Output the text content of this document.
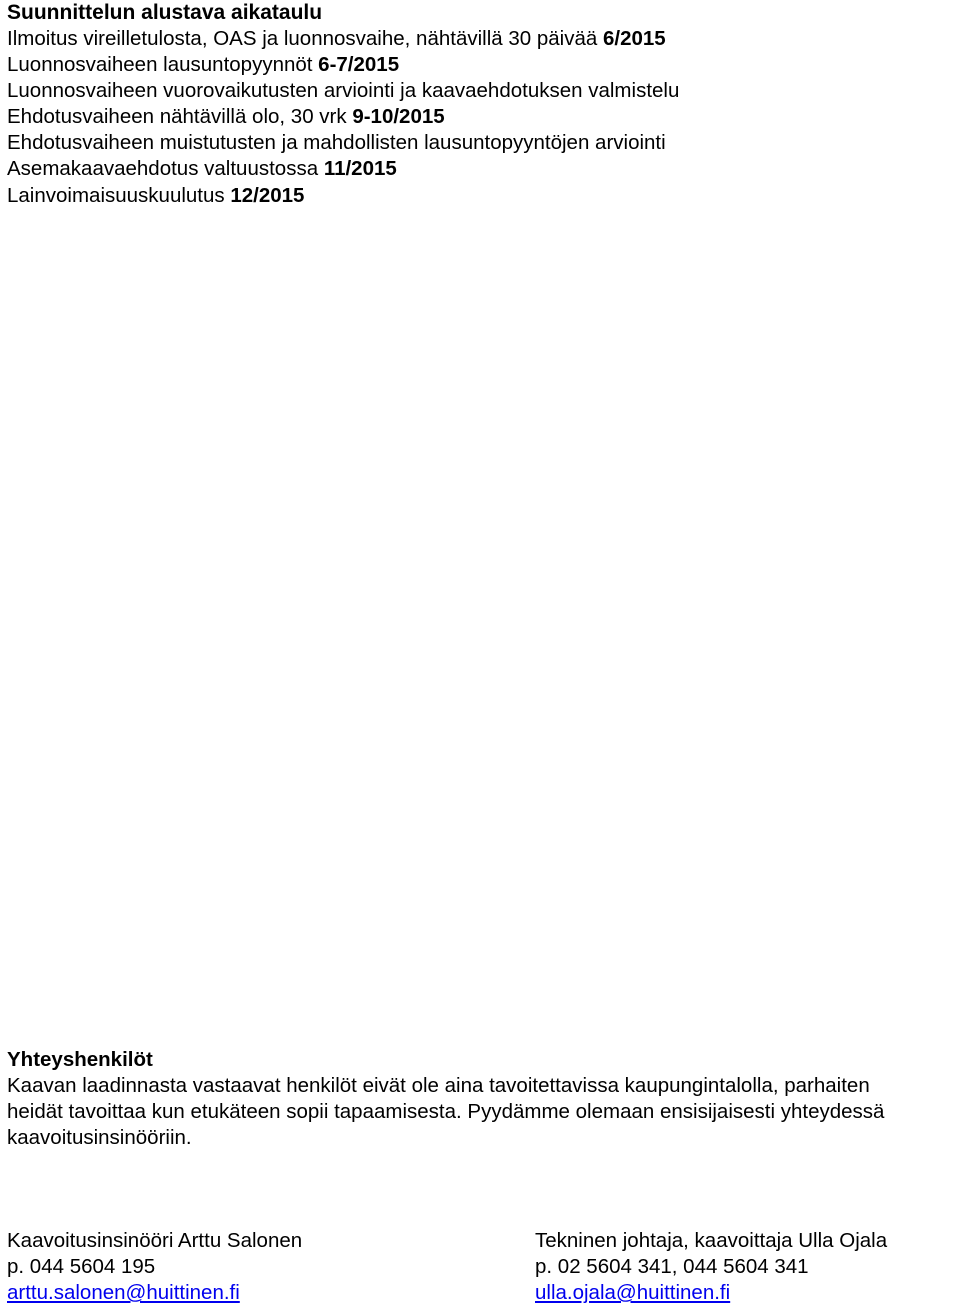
Suunnittelun alustava aikataulu
Ilmoitus vireilletulosta, OAS ja luonnosvaihe, nähtävillä 30 päivää 6/2015
Luonnosvaiheen lausuntopyynnöt 6-7/2015
Luonnosvaiheen vuorovaikutusten arviointi ja kaavaehdotuksen valmistelu
Ehdotusvaiheen nähtävillä olo, 30 vrk 9-10/2015
Ehdotusvaiheen muistutusten ja mahdollisten lausuntopyyntöjen arviointi
Asemakaavaehdotus valtuustossa 11/2015
Lainvoimaisuuskuulutus 12/2015
Yhteyshenkilöt
Kaavan laadinnasta vastaavat henkilöt eivät ole aina tavoitettavissa kaupungintalolla, parhaiten
heidät tavoittaa kun etukäteen sopii tapaamisesta. Pyydämme olemaan ensisijaisesti yhteydessä
kaavoitusinsinööriin.
Kaavoitusinsinööri Arttu Salonen
p. 044 5604 195
arttu.salonen@huittinen.fi
Tekninen johtaja, kaavoittaja Ulla Ojala
p. 02 5604 341, 044 5604 341
ulla.ojala@huittinen.fi
